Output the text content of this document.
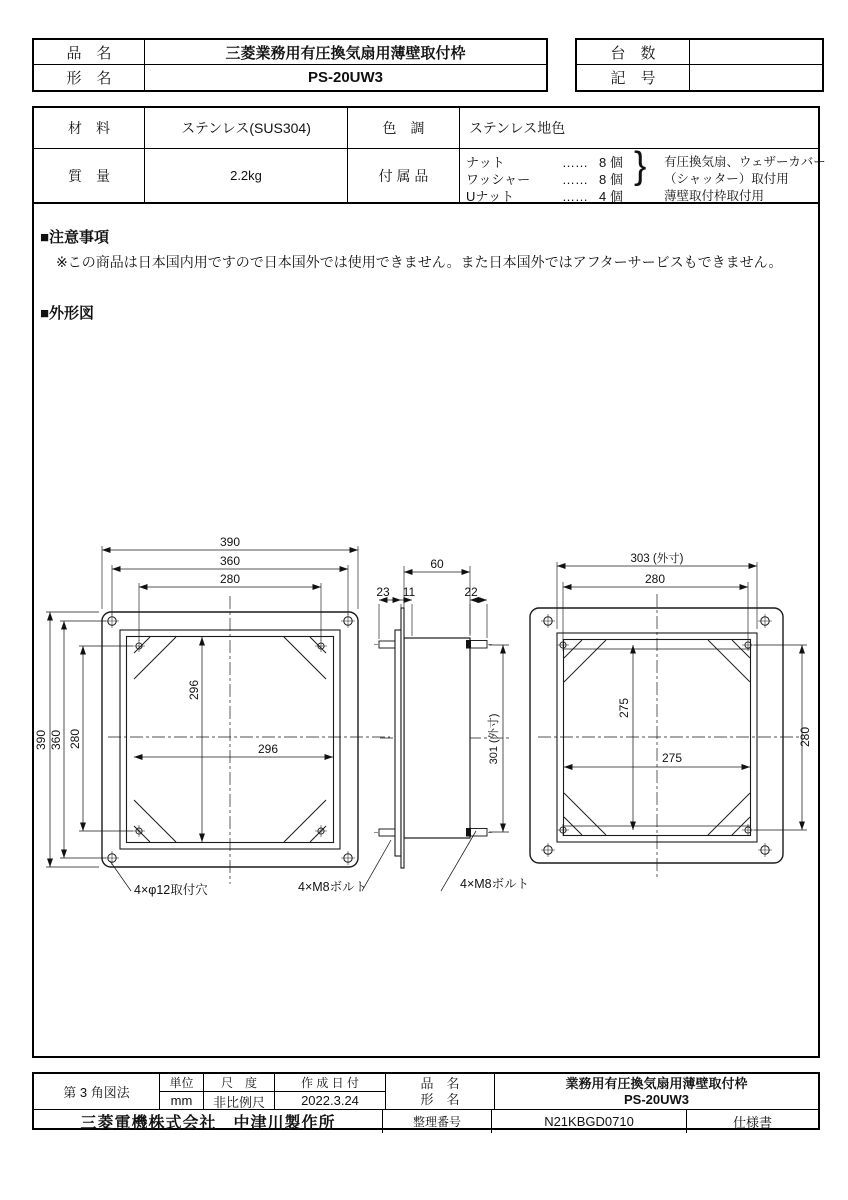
品　名	三菱業務用有圧換気扇用薄壁取付枠
形　名	PS-20UW3
台　数
記　号
材　料	ステンレス(SUS304)	色　調	ステンレス地色
質　量	2.2kg	付 属 品
ナット	…… 8 個
ワッシャー	…… 8 個
Uナット	…… 4 個
} 有圧換気扇、ウェザーカバー
（シャッター）取付用
薄壁取付枠取付用
■注意事項
※この商品は日本国内用ですので日本国外では使用できません。また日本国外ではアフターサービスもできません。
■外形図
390
360
280
390 360 280
296
296
4×φ12取付穴	4×M8ボルト
60
23 11	22
301 (外寸)
4×M8ボルト
303 (外寸)
280
280
275
275
第 3 角図法
単位
mm
尺　度
非比例尺
作 成 日 付
2022.3.24
品　名
形　名
業務用有圧換気扇用薄壁取付枠
PS-20UW3
三菱電機株式会社　中津川製作所	整理番号	N21KBGD0710	仕様書
